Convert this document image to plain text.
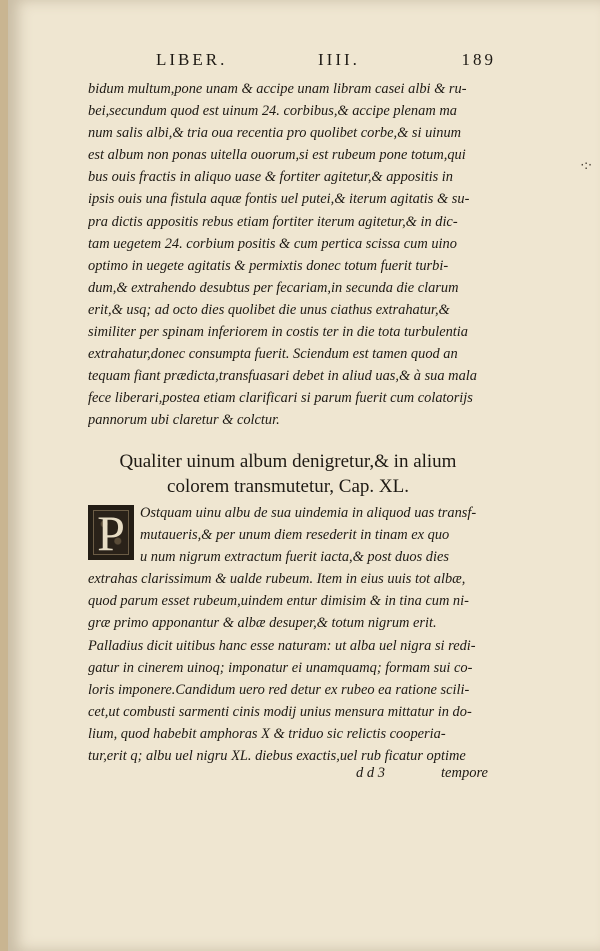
LIBER.	IIII.	189
bidum multum,pone unam & accipe unam libram casei albi & ru-
bei,secundum quod est uinum 24. corbibus,& accipe plenam ma
num salis albi,& tria oua recentia pro quolibet corbe,& si uinum
est album non ponas uitella ouorum,si est rubeum pone totum,qui
bus ouis fractis in aliquo uase & fortiter agitetur,& appositis in
ipsis ouis una fistula aquæ fontis uel putei,& iterum agitatis & su-
pra dictis appositis rebus etiam fortiter iterum agitetur,& in dic-
tam uegetem 24. corbium positis & cum pertica scissa cum uino
optimo in uegete agitatis & permixtis donec totum fuerit turbi-
dum,& extrahendo desubtus per fecariam,in secunda die clarum
erit,& usq; ad octo dies quolibet die unus ciathus extrahatur,&
similiter per spinam inferiorem in costis ter in die tota turbulentia
extrahatur,donec consumpta fuerit. Sciendum est tamen quod an
tequam fiant prædicta,transfuasari debet in aliud uas,& à sua mala
fece liberari,postea etiam clarificari si parum fuerit cum colatorijs
pannorum ubi claretur & colctur.
Qualiter uinum album denigretur,& in alium
colorem transmutetur, Cap. XL.
P	Ostquam uinu albu de sua uindemia in aliquod uas transf-
mutaueris,& per unum diem resederit in tinam ex quo
u num nigrum extractum fuerit iacta,& post duos dies
extrahas clarissimum & ualde rubeum. Item in eius uuis tot albæ,
quod parum esset rubeum,uindem entur dimisim & in tina cum ni-
græ primo apponantur & albæ desuper,& totum nigrum erit.
Palladius dicit uitibus hanc esse naturam: ut alba uel nigra si redi-
gatur in cinerem uinoq; imponatur ei unamquamq; formam sui co-
loris imponere.Candidum uero red detur ex rubeo ea ratione scili-
cet,ut combusti sarmenti cinis modij unius mensura mittatur in do-
lium, quod habebit amphoras X & triduo sic relictis cooperia-
tur,erit q; albu uel nigru XL. diebus exactis,uel rub ficatur optime
d d 3	tempore
·:·
